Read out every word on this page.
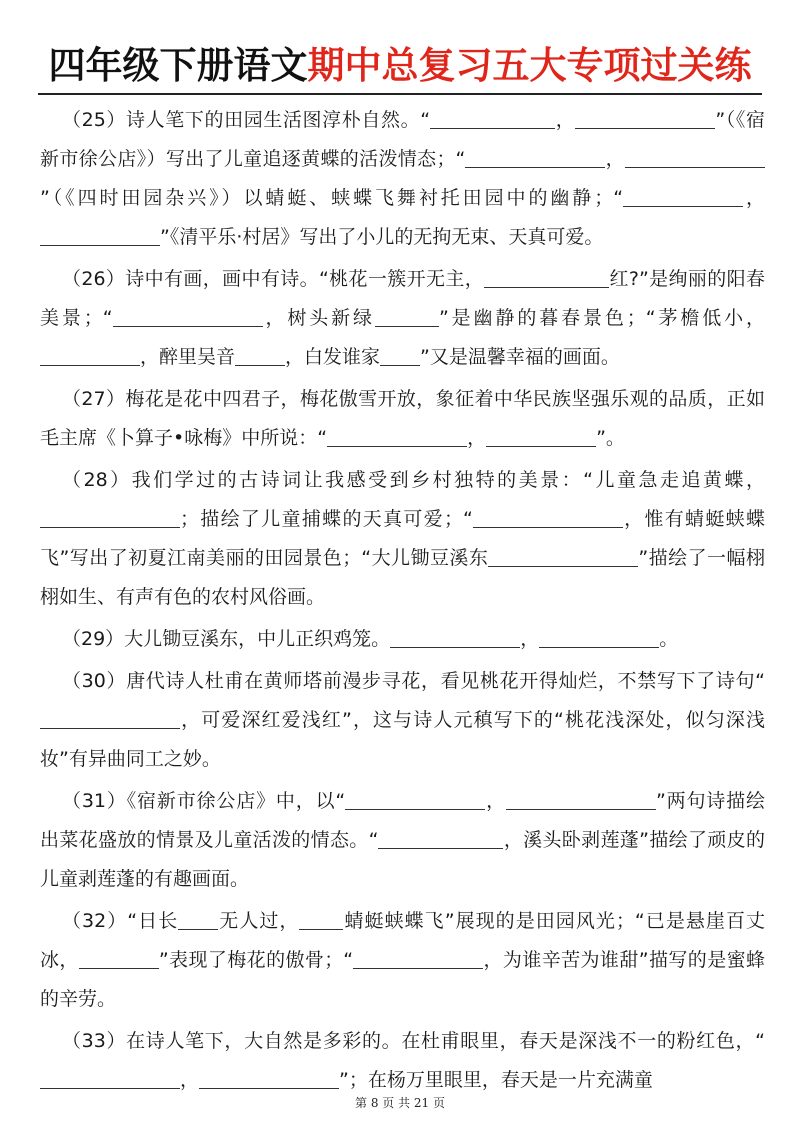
四年级下册语文期中总复习五大专项过关练

（25）诗人笔下的田园生活图淳朴自然。“	，	”（《宿新市徐公店》）写出了儿童追逐黄蝶的活泼情态；“	，”（《四时田园杂兴》）以蜻蜓、蛱蝶飞舞衬托田园中的幽静；“	，”《清平乐·村居》写出了小儿的无拘无束、天真可爱。

（26）诗中有画，画中有诗。“桃花一簇开无主，	红?”是绚丽的阳春美景；“	，树头新绿	”是幽静的暮春景色；“茅檐低小，，醉里吴音	，白发谁家 ”又是温馨幸福的画面。

（27）梅花是花中四君子，梅花傲雪开放，象征着中华民族坚强乐观的品质，正如毛主席《卜算子•咏梅》中所说：“	，	”。

（28）我们学过的古诗词让我感受到乡村独特的美景：“儿童急走追黄蝶，；描绘了儿童捕蝶的天真可爱；“	，惟有蜻蜓蛱蝶飞”写出了初夏江南美丽的田园景色；“大儿锄豆溪东	”描绘了一幅栩栩如生、有声有色的农村风俗画。

（29）大儿锄豆溪东，中儿正织鸡笼。	，	。

（30）唐代诗人杜甫在黄师塔前漫步寻花，看见桃花开得灿烂，不禁写下了诗句“，可爱深红爱浅红”，这与诗人元稹写下的“桃花浅深处，似匀深浅妆”有异曲同工之妙。

（31）《宿新市徐公店》中，以“	，	”两句诗描绘出菜花盛放的情景及儿童活泼的情态。“	，溪头卧剥莲蓬”描绘了顽皮的儿童剥莲蓬的有趣画面。

（32）“日长 无人过， 蜻蜓蛱蝶飞”展现的是田园风光；“已是悬崖百丈冰，	”表现了梅花的傲骨；“	，为谁辛苦为谁甜”描写的是蜜蜂的辛劳。

（33）在诗人笔下，大自然是多彩的。在杜甫眼里，春天是深浅不一的粉红色，“，	”；在杨万里眼里，春天是一片充满童

第 8 页 共 21 页
